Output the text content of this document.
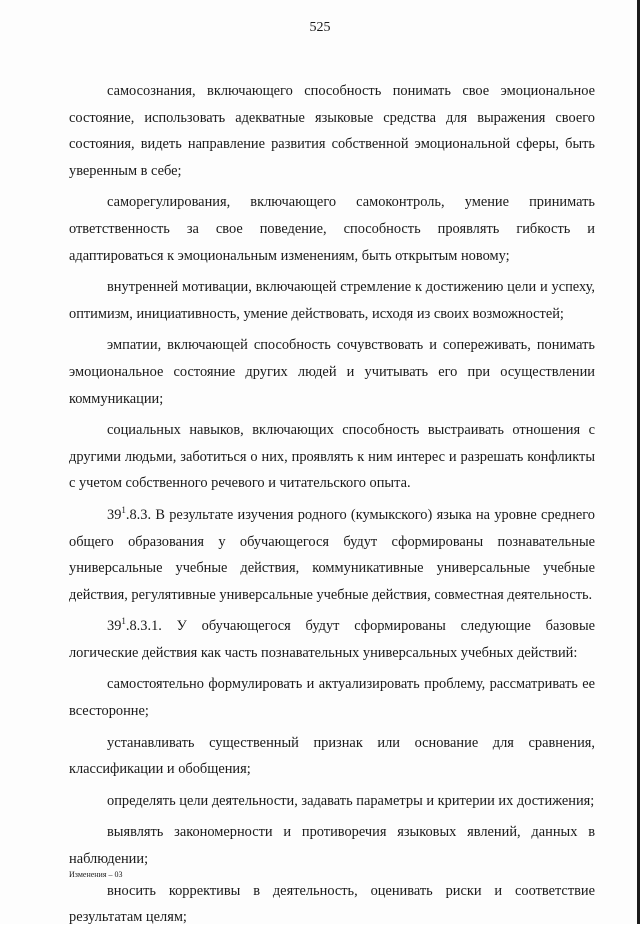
525

самосознания, включающего способность понимать свое эмоциональное состояние, использовать адекватные языковые средства для выражения своего состояния, видеть направление развития собственной эмоциональной сферы, быть уверенным в себе;

саморегулирования, включающего самоконтроль, умение принимать ответственность за свое поведение, способность проявлять гибкость и адаптироваться к эмоциональным изменениям, быть открытым новому;

внутренней мотивации, включающей стремление к достижению цели и успеху, оптимизм, инициативность, умение действовать, исходя из своих возможностей;

эмпатии, включающей способность сочувствовать и сопереживать, понимать эмоциональное состояние других людей и учитывать его при осуществлении коммуникации;

социальных навыков, включающих способность выстраивать отношения с другими людьми, заботиться о них, проявлять к ним интерес и разрешать конфликты с учетом собственного речевого и читательского опыта.

$39^1.8.3$. В результате изучения родного (кумыкского) языка на уровне среднего общего образования у обучающегося будут сформированы познавательные универсальные учебные действия, коммуникативные универсальные учебные действия, регулятивные универсальные учебные действия, совместная деятельность.

$39^1.8.3.1$. У обучающегося будут сформированы следующие базовые логические действия как часть познавательных универсальных учебных действий:

самостоятельно формулировать и актуализировать проблему, рассматривать ее всесторонне;

устанавливать существенный признак или основание для сравнения, классификации и обобщения;

определять цели деятельности, задавать параметры и критерии их достижения;

выявлять закономерности и противоречия языковых явлений, данных в наблюдении;

вносить коррективы в деятельность, оценивать риски и соответствие результатам целям;

Изменения – 03
